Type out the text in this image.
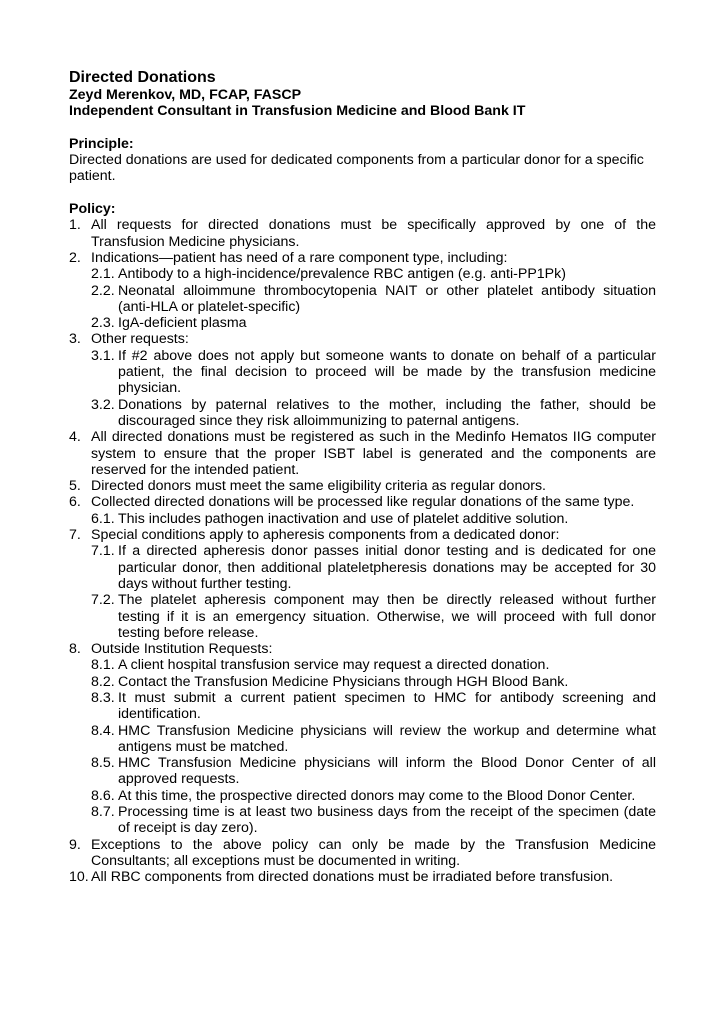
Directed Donations

Zeyd Merenkov, MD, FCAP, FASCP

Independent Consultant in Transfusion Medicine and Blood Bank IT

Principle:

Directed donations are used for dedicated components from a particular donor for a specific patient.

Policy:

1. All requests for directed donations must be specifically approved by one of the Transfusion Medicine physicians.
2. Indications—patient has need of a rare component type, including:
2.1. Antibody to a high-incidence/prevalence RBC antigen (e.g. anti-PP1Pk)
2.2. Neonatal alloimmune thrombocytopenia NAIT or other platelet antibody situation (anti-HLA or platelet-specific)
2.3. IgA-deficient plasma
3. Other requests:
3.1. If #2 above does not apply but someone wants to donate on behalf of a particular patient, the final decision to proceed will be made by the transfusion medicine physician.
3.2. Donations by paternal relatives to the mother, including the father, should be discouraged since they risk alloimmunizing to paternal antigens.
4. All directed donations must be registered as such in the Medinfo Hematos IIG computer system to ensure that the proper ISBT label is generated and the components are reserved for the intended patient.
5. Directed donors must meet the same eligibility criteria as regular donors.
6. Collected directed donations will be processed like regular donations of the same type.
6.1. This includes pathogen inactivation and use of platelet additive solution.
7. Special conditions apply to apheresis components from a dedicated donor:
7.1. If a directed apheresis donor passes initial donor testing and is dedicated for one particular donor, then additional plateletpheresis donations may be accepted for 30 days without further testing.
7.2. The platelet apheresis component may then be directly released without further testing if it is an emergency situation. Otherwise, we will proceed with full donor testing before release.
8. Outside Institution Requests:
8.1. A client hospital transfusion service may request a directed donation.
8.2. Contact the Transfusion Medicine Physicians through HGH Blood Bank.
8.3. It must submit a current patient specimen to HMC for antibody screening and identification.
8.4. HMC Transfusion Medicine physicians will review the workup and determine what antigens must be matched.
8.5. HMC Transfusion Medicine physicians will inform the Blood Donor Center of all approved requests.
8.6. At this time, the prospective directed donors may come to the Blood Donor Center.
8.7. Processing time is at least two business days from the receipt of the specimen (date of receipt is day zero).
9. Exceptions to the above policy can only be made by the Transfusion Medicine Consultants; all exceptions must be documented in writing.
10. All RBC components from directed donations must be irradiated before transfusion.
